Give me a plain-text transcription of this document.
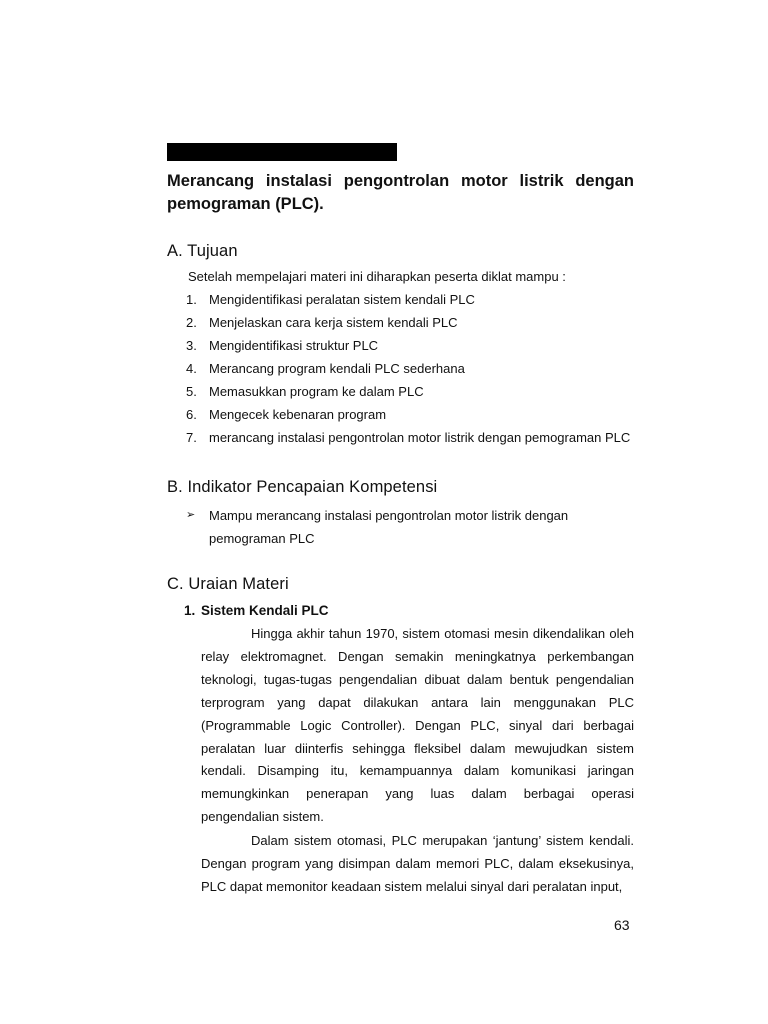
Merancang instalasi pengontrolan motor listrik dengan pemograman (PLC).

A. Tujuan
Setelah mempelajari materi ini diharapkan peserta diklat mampu :
1. Mengidentifikasi peralatan sistem kendali PLC
2. Menjelaskan cara kerja sistem kendali PLC
3. Mengidentifikasi struktur PLC
4. Merancang program kendali PLC sederhana
5. Memasukkan program ke dalam PLC
6. Mengecek kebenaran program
7. merancang instalasi pengontrolan motor listrik dengan pemograman PLC
B. Indikator Pencapaian Kompetensi
➢ Mampu merancang instalasi pengontrolan motor listrik dengan pemograman PLC
C. Uraian Materi
1. Sistem Kendali PLC

Hingga akhir tahun 1970, sistem otomasi mesin dikendalikan oleh relay elektromagnet. Dengan semakin meningkatnya perkembangan teknologi, tugas-tugas pengendalian dibuat dalam bentuk pengendalian terprogram yang dapat dilakukan antara lain menggunakan PLC (Programmable Logic Controller). Dengan PLC, sinyal dari berbagai peralatan luar diinterfis sehingga fleksibel dalam mewujudkan sistem kendali. Disamping itu, kemampuannya dalam komunikasi jaringan memungkinkan penerapan yang luas dalam berbagai operasi pengendalian sistem.

Dalam sistem otomasi, PLC merupakan ‘jantung’ sistem kendali. Dengan program yang disimpan dalam memori PLC, dalam eksekusinya, PLC dapat memonitor keadaan sistem melalui sinyal dari peralatan input,

63
